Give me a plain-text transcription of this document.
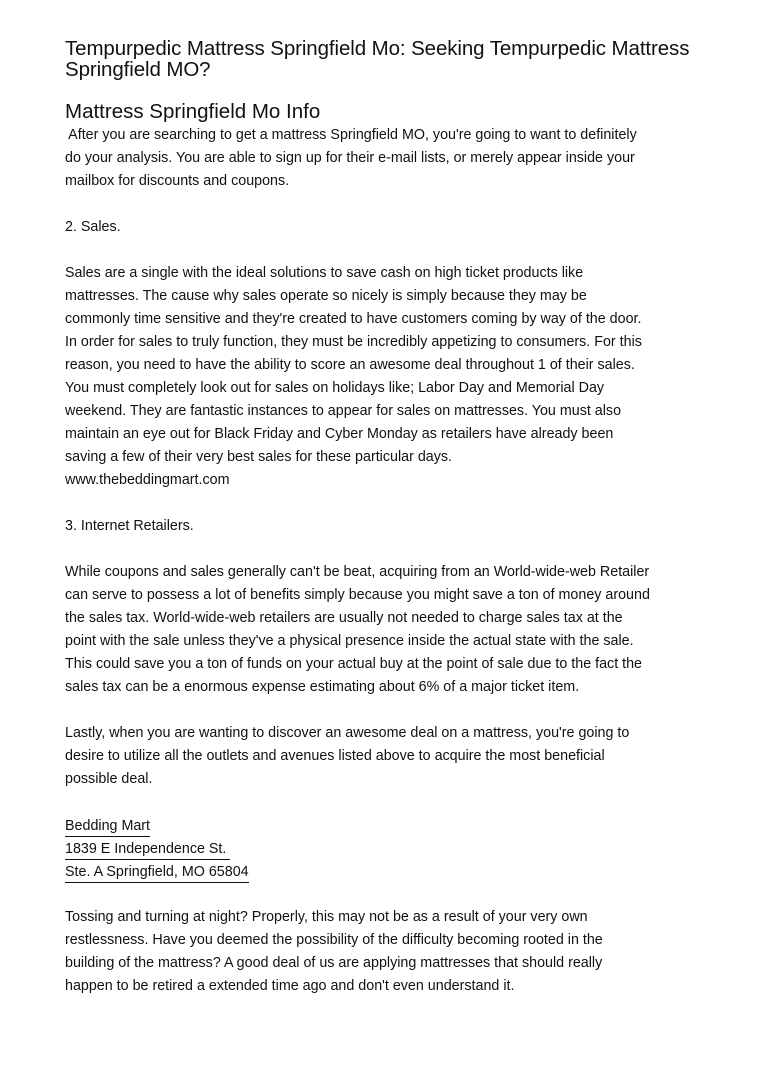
Tempurpedic Mattress Springfield Mo: Seeking Tempurpedic Mattress Springfield MO?
Mattress Springfield Mo Info

After you are searching to get a mattress Springfield MO, you're going to want to definitely

do your analysis. You are able to sign up for their e-mail lists, or merely appear inside your

mailbox for discounts and coupons.

2. Sales.

Sales are a single with the ideal solutions to save cash on high ticket products like

mattresses. The cause why sales operate so nicely is simply because they may be

commonly time sensitive and they're created to have customers coming by way of the door.

In order for sales to truly function, they must be incredibly appetizing to consumers. For this

reason, you need to have the ability to score an awesome deal throughout 1 of their sales.

You must completely look out for sales on holidays like; Labor Day and Memorial Day

weekend. They are fantastic instances to appear for sales on mattresses. You must also

maintain an eye out for Black Friday and Cyber Monday as retailers have already been

saving a few of their very best sales for these particular days.

www.thebeddingmart.com

3. Internet Retailers.

While coupons and sales generally can't be beat, acquiring from an World-wide-web Retailer

can serve to possess a lot of benefits simply because you might save a ton of money around

the sales tax. World-wide-web retailers are usually not needed to charge sales tax at the

point with the sale unless they've a physical presence inside the actual state with the sale.

This could save you a ton of funds on your actual buy at the point of sale due to the fact the

sales tax can be a enormous expense estimating about 6% of a major ticket item.

Lastly, when you are wanting to discover an awesome deal on a mattress, you're going to

desire to utilize all the outlets and avenues listed above to acquire the most beneficial

possible deal.

Bedding Mart
1839 E Independence St.
Ste. A Springfield, MO 65804

Tossing and turning at night? Properly, this may not be as a result of your very own

restlessness. Have you deemed the possibility of the difficulty becoming rooted in the

building of the mattress? A good deal of us are applying mattresses that should really

happen to be retired a extended time ago and don't even understand it.
